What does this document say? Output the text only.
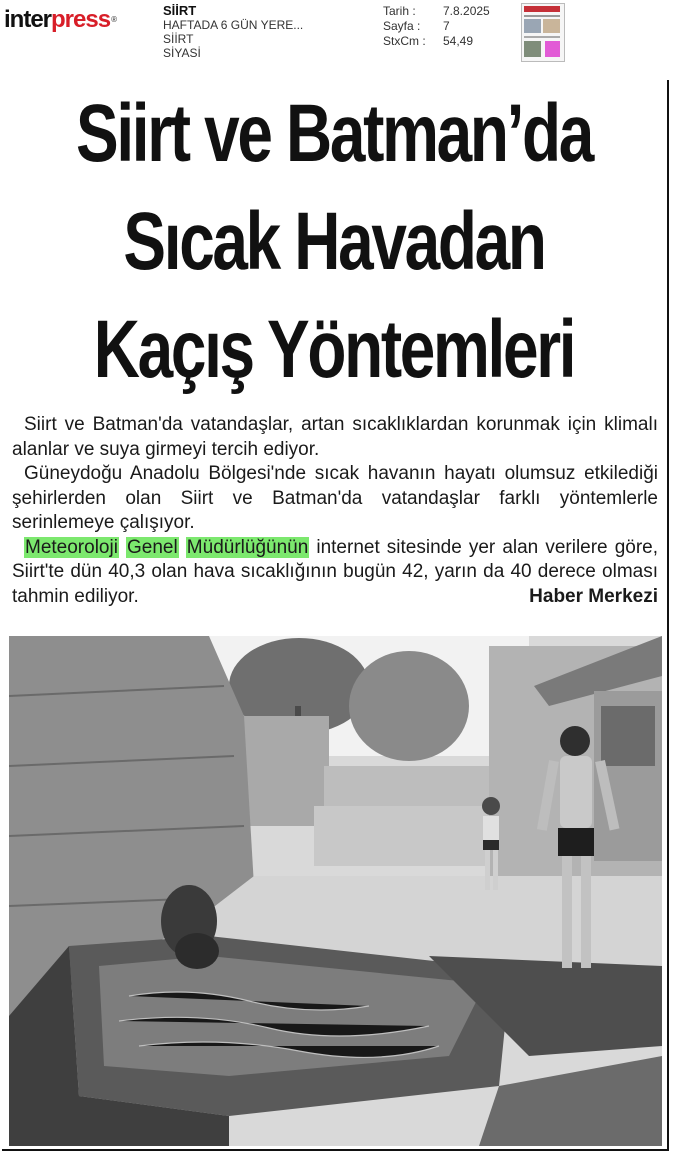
interpress®
SİİRT
HAFTADA 6 GÜN YERE...
SİİRT
SİYASİ
Tarih :	7.8.2025
Sayfa :	7
StxCm :	54,49
Siirt ve Batman’da
Sıcak Havadan
Kaçış Yöntemleri

Siirt ve Batman'da vatandaşlar, artan sıcaklıklardan korunmak için klimalı alanlar ve suya girmeyi tercih ediyor.

Güneydoğu Anadolu Bölgesi'nde sıcak havanın hayatı olumsuz etkilediği şehirlerden olan Siirt ve Batman'da vatandaşlar farklı yöntemlerle serinlemeye çalışıyor.

Meteoroloji Genel Müdürlüğünün internet sitesinde yer alan verilere göre, Siirt'te dün 40,3 olan hava sıcaklığının bugün 42, yarın da 40 derece olması tahmin ediliyor.	Haber Merkezi
